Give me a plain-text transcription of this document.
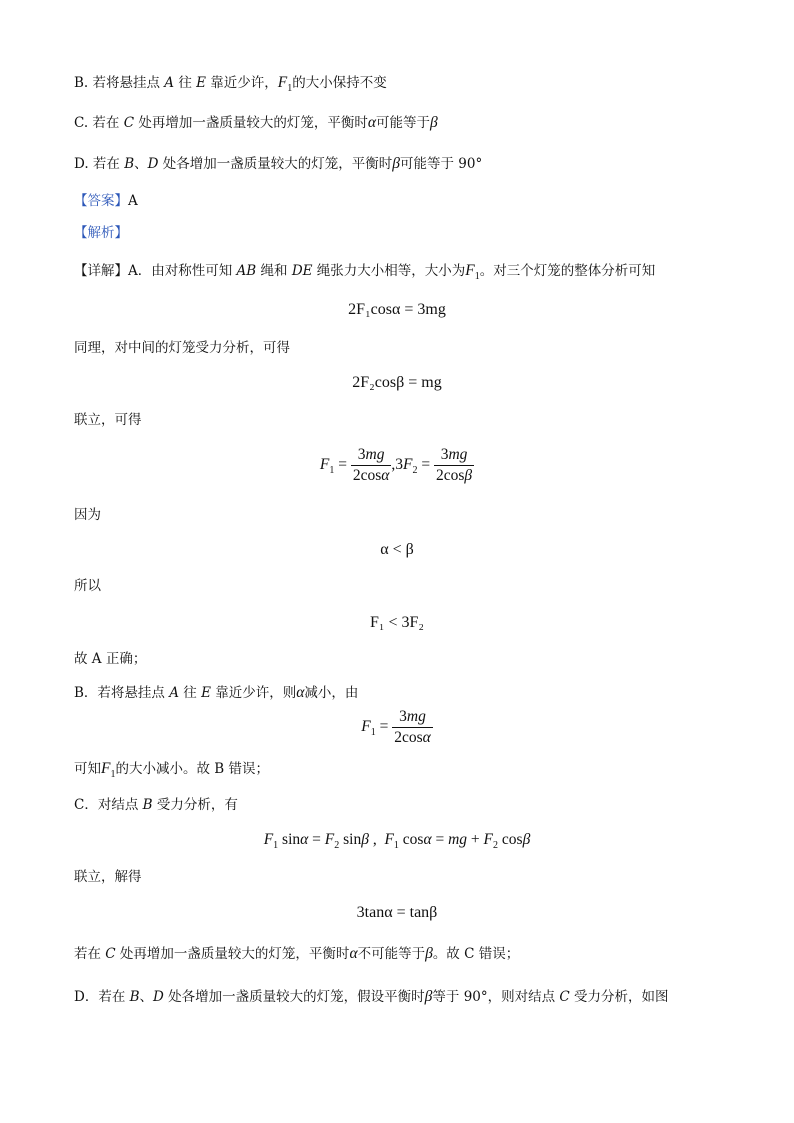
B. 若将悬挂点 A 往 E 靠近少许，$F_1$的大小保持不变
C. 若在 C 处再增加一盏质量较大的灯笼，平衡时α可能等于β
D. 若在 B、D 处各增加一盏质量较大的灯笼，平衡时β可能等于 90°
【答案】A
【解析】
【详解】A．由对称性可知 AB 绳和 DE 绳张力大小相等，大小为$F_1$。对三个灯笼的整体分析可知
2F₁cosα = 3mg
同理，对中间的灯笼受力分析，可得
2F₂cosβ = mg
联立，可得
$F_1 = \frac{3mg}{2\cos\alpha} ,3F_2 = \frac{3mg}{2\cos\beta}$
因为
α < β
所以
F₁ < 3F₂
故 A 正确；
B．若将悬挂点 A 往 E 靠近少许，则α减小，由
$F_1 = \frac{3mg}{2\cos\alpha}$
可知$F_1$的大小减小。故 B 错误；
C．对结点 B 受力分析，有
$F_1$ $\sin\alpha = F_2$ sinβ ,  $F_1$ cosα = mg + $F_2$ cosβ
联立，解得
3tanα = tanβ
若在 C 处再增加一盏质量较大的灯笼，平衡时α不可能等于β。故 C 错误；
D．若在 B、D 处各增加一盏质量较大的灯笼，假设平衡时β等于 90°，则对结点 C 受力分析，如图
